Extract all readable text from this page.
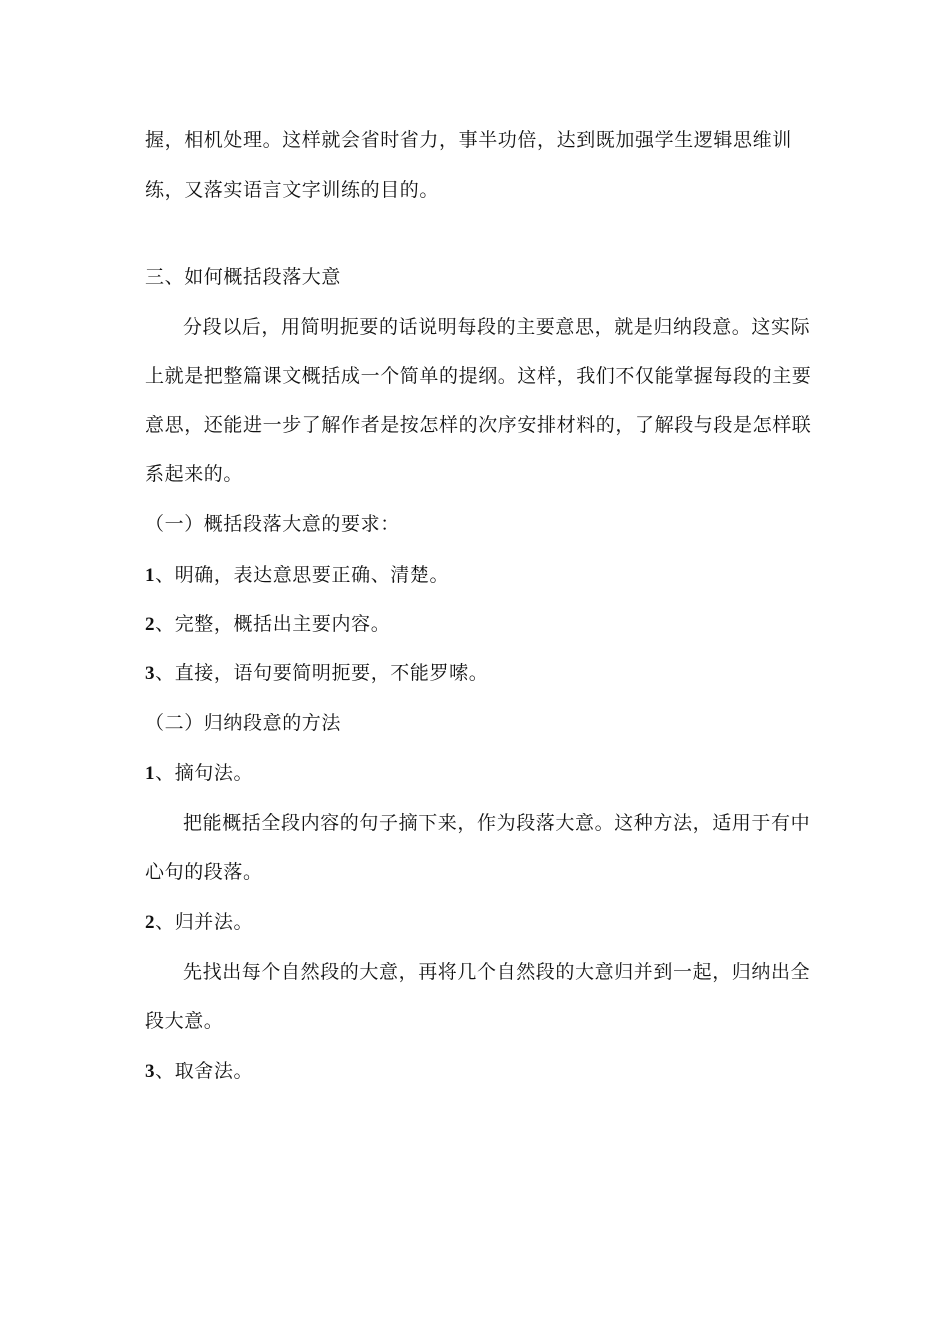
握，相机处理。这样就会省时省力，事半功倍，达到既加强学生逻辑思维训
练，又落实语言文字训练的目的。
三、如何概括段落大意
分段以后，用简明扼要的话说明每段的主要意思，就是归纳段意。这实际
上就是把整篇课文概括成一个简单的提纲。这样，我们不仅能掌握每段的主要
意思，还能进一步了解作者是按怎样的次序安排材料的，了解段与段是怎样联
系起来的。
（一）概括段落大意的要求：
1、明确，表达意思要正确、清楚。
2、完整，概括出主要内容。
3、直接，语句要简明扼要，不能罗嗦。
（二）归纳段意的方法
1、摘句法。
把能概括全段内容的句子摘下来，作为段落大意。这种方法，适用于有中
心句的段落。
2、归并法。
先找出每个自然段的大意，再将几个自然段的大意归并到一起，归纳出全
段大意。
3、取舍法。
